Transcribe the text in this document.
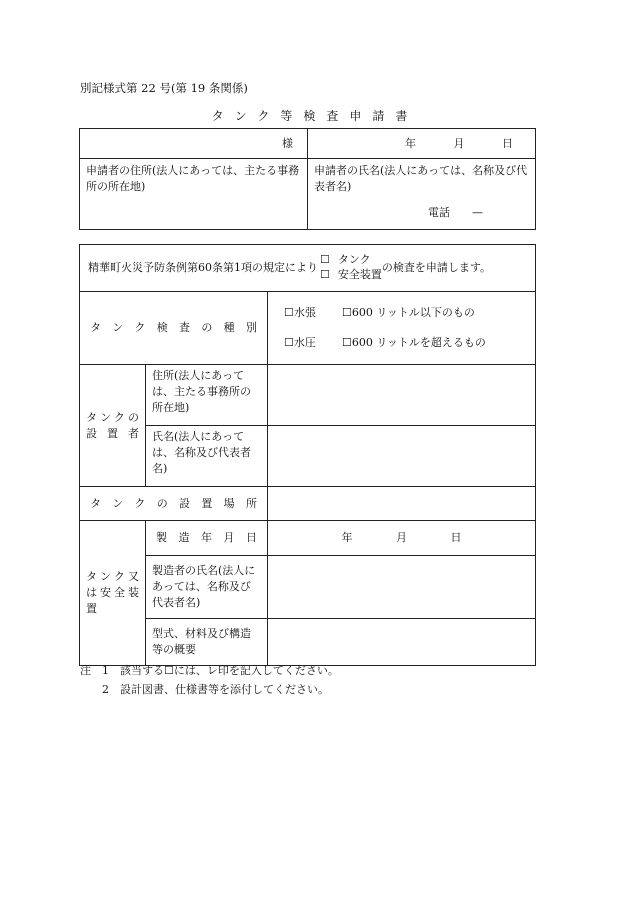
別記様式第 22 号(第 19 条関係)
タンク等検査申請書
様	年 月 日
申請者の住所(法人にあっては、主たる事務所の所在地)	申請者の氏名(法人にあっては、名称及び代表者名)
電話 —
精華町火災予防条例第60条第1項の規定により
☐ タンク
☐ 安全装置
の検査を申請します。		

タンク検査の種別		☐水張 ☐600 リットル以下のもの
☐水圧 ☐600 リットルを超えるもの

タンクの
設置者	住所(法人にあっては、主たる事務所の所在地)	
	氏名(法人にあっては、名称及び代表者名)	
タンクの設置場所		

タンク又
は安全装
置	製造年月日	年 月 日
	製造者の氏名(法人にあっては、名称及び代表者名)	
	型式、材料及び構造等の概要	
注 1 該当する☐には、レ印を記入してください。
2 設計図書、仕様書等を添付してください。
